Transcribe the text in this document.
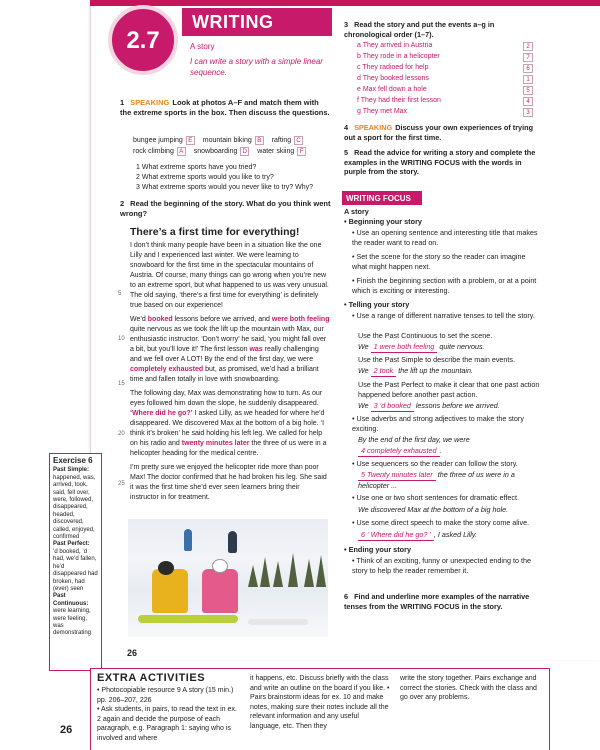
WRITING
2.7	A story
I can write a story with a simple linear sequence.
1 SPEAKING Look at photos A–F and match them with the extreme sports in the box. Then discuss the questions.
bungee jumping E mountain biking B rafting C
rock climbing A snowboarding D water skiing F
1 What extreme sports have you tried?
2 What extreme sports would you like to try?
3 What extreme sports would you never like to try? Why?
2 Read the beginning of the story. What do you think went wrong?
There’s a first time for everything!

I don’t think many people have been in a situation like the one Lilly and I experienced last winter. We were learning to snowboard for the first time in the spectacular mountains of Austria. Of course, many things can go wrong when you’re new to an extreme sport, but what happened to us was very unusual. The old saying, ‘there’s a first time for everything’ is definitely true based on our experience!

We’d booked lessons before we arrived, and were both feeling quite nervous as we took the lift up the mountain with Max, our enthusiastic instructor. ‘Don’t worry’ he said, ‘you might fall over a bit, but you’ll love it!’ The first lesson was really challenging and we fell over A LOT! By the end of the first day, we were completely exhausted but, as promised, we’d had a brilliant time and fallen totally in love with snowboarding.

The following day, Max was demonstrating how to turn. As our eyes followed him down the slope, he suddenly disappeared. ‘Where did he go?’ I asked Lilly, as we headed for where he’d disappeared. We discovered Max at the bottom of a big hole. ‘I think it’s broken’ he said holding his left leg. We called for help on his radio and twenty minutes later the three of us were in a helicopter heading for the medical centre.

I’m pretty sure we enjoyed the helicopter ride more than poor Max! The doctor confirmed that he had broken his leg. She said it was the first time she’d ever seen learners bring their instructor in for treatment.

5
10
15
20
25
Exercise 6
Past Simple:
happened, was, arrived, took, said, fell over, were, followed, disappeared, headed, discovered, called, enjoyed, confirmed
Past Perfect:
’d booked, ’d had, we’d fallen, he’d disappeared had broken, had (ever) seen
Past Continuous:
were learning, were feeling, was demonstrating
26
3 Read the story and put the events a–g in chronological order (1–7).
a They arrived in Austria	2
b They rode in a helicopter	7
c They radioed for help	6
d They booked lessons	1
e Max fell down a hole	5
f They had their first lesson	4
g They met Max	3
4 SPEAKING Discuss your own experiences of trying out a sport for the first time.
5 Read the advice for writing a story and complete the examples in the WRITING FOCUS with the words in purple from the story.
WRITING FOCUS
A story
• Beginning your story
• Use an opening sentence and interesting title that makes the reader want to read on.
• Set the scene for the story so the reader can imagine what might happen next.
• Finish the beginning section with a problem, or at a point which is exciting or interesting.
• Telling your story
• Use a range of different narrative tenses to tell the story.
Use the Past Continuous to set the scene.
We 1 were both feeling quite nervous.
Use the Past Simple to describe the main events.
We 2 took the lift up the mountain.
Use the Past Perfect to make it clear that one past action happened before another past action.
We 3 ’d booked lessons before we arrived.
• Use adverbs and strong adjectives to make the story exciting.
By the end of the first day, we were
4 completely exhausted .
• Use sequencers so the reader can follow the story.
5 Twenty minutes later the three of us were in a helicopter ...
• Use one or two short sentences for dramatic effect.
We discovered Max at the bottom of a big hole.
• Use some direct speech to make the story come alive.
6 ‘ Where did he go? ’ , I asked Lilly.
• Ending your story
• Think of an exciting, funny or unexpected ending to the story to help the reader remember it.
6 Find and underline more examples of the narrative tenses from the WRITING FOCUS in the story.
EXTRA ACTIVITIES
• Photocopiable resource 9 A story (15 min.) pp. 206–207, 226
• Ask students, in pairs, to read the text in ex. 2 again and decide the purpose of each paragraph, e.g. Paragraph 1: saying who is involved and where
it happens, etc. Discuss briefly with the class and write an outline on the board if you like. • Pairs brainstorm ideas for ex. 10 and make notes, making sure their notes include all the relevant information and any useful language, etc. Then they
write the story together. Pairs exchange and correct the stories. Check with the class and go over any problems.
26
